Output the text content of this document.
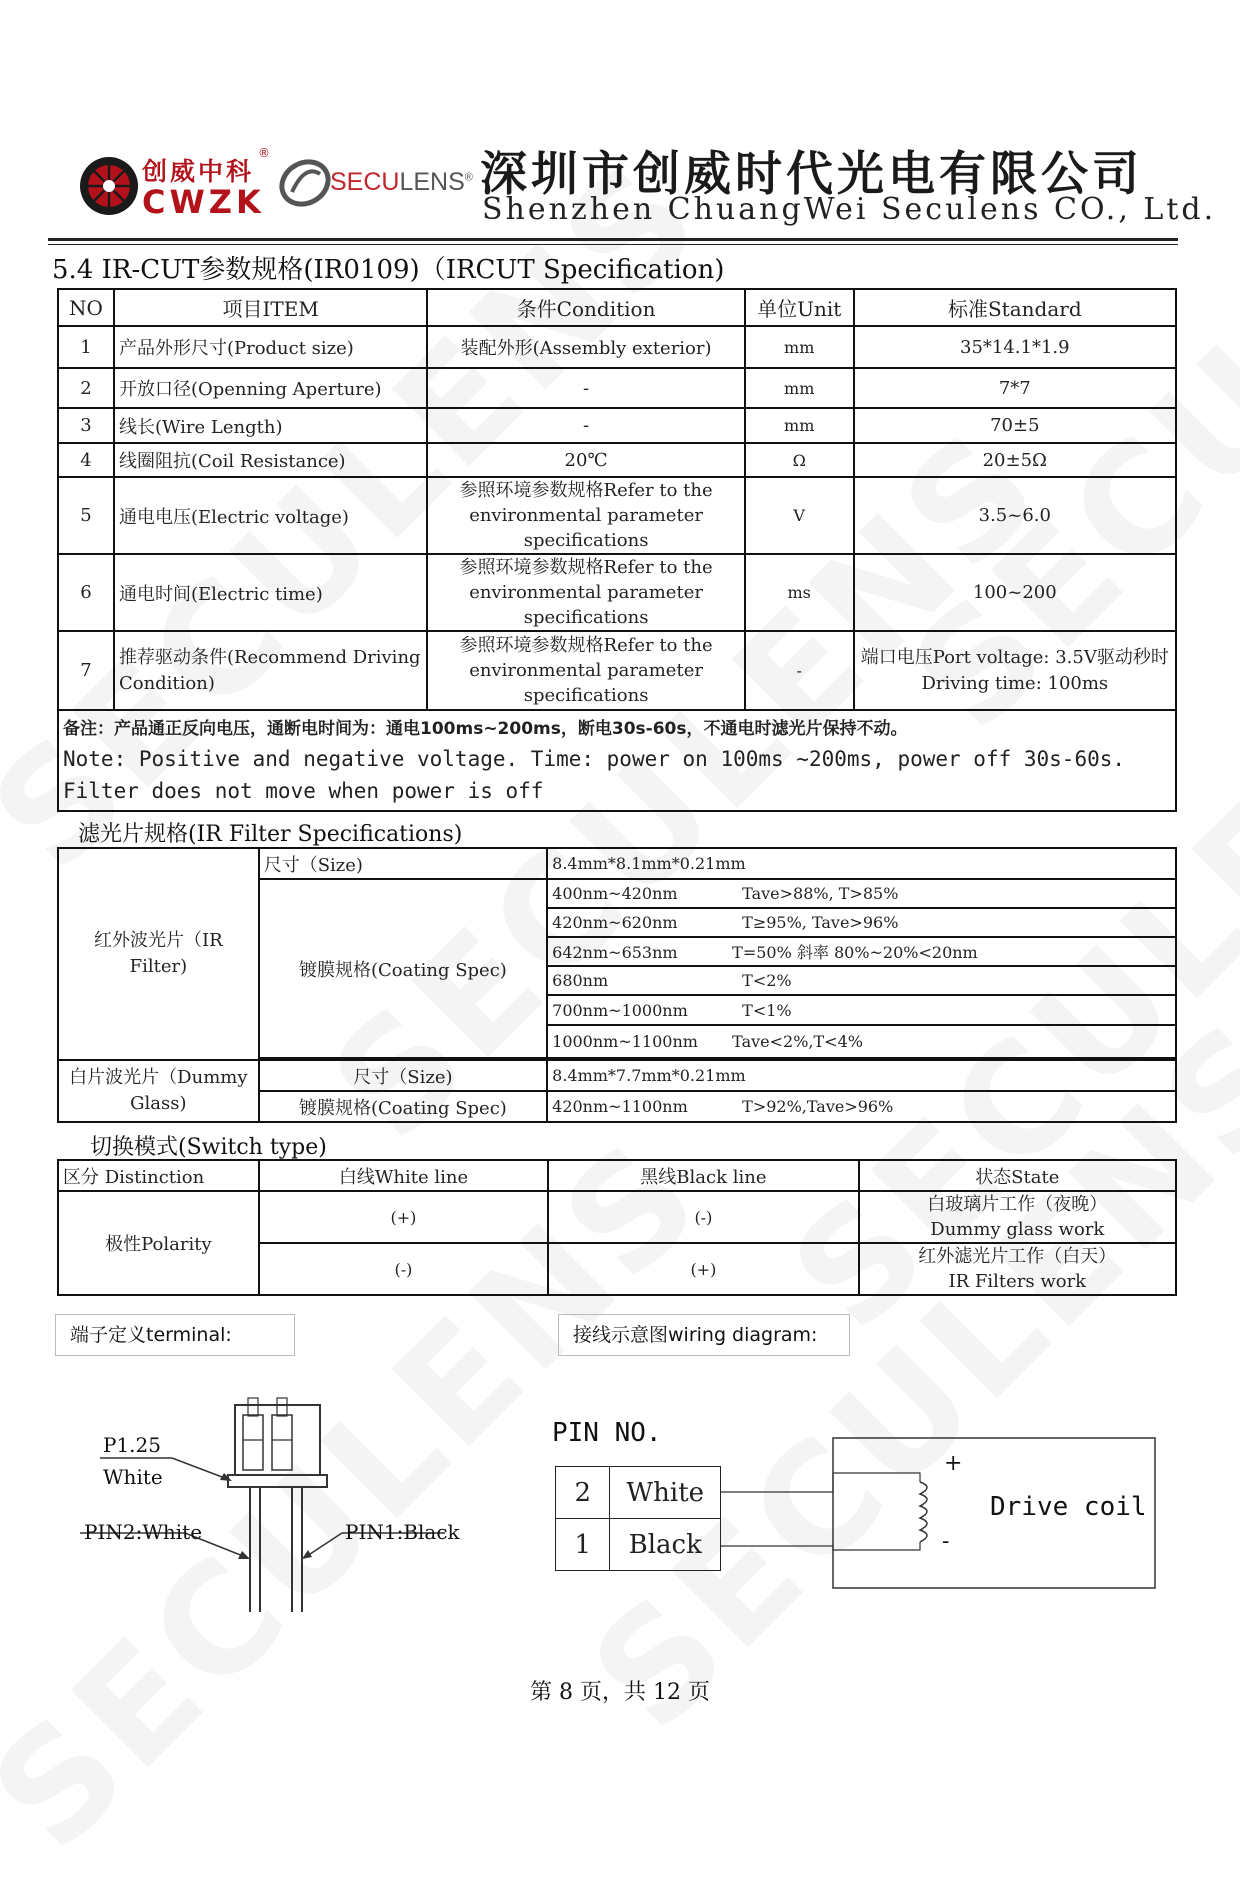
创威中科
®
CWZK
SECULENS® 深圳市创威时代光电有限公司
Shenzhen ChuangWei Seculens CO., Ltd.
5.4 IR-CUT参数规格(IR0109)（IRCUT Specification)
NO	项目ITEM	条件Condition	单位Unit	标准Standard
1	产品外形尺寸(Product size)	装配外形(Assembly exterior)	mm	35*14.1*1.9
2	开放口径(Openning Aperture)	-	mm	7*7
3	线长(Wire Length)	-	mm	70±5
4	线圈阻抗(Coil Resistance)	20℃	Ω	20±5Ω
5	通电电压(Electric voltage)	参照环境参数规格Refer to the environmental parameter specifications	V	3.5~6.0
6	通电时间(Electric time)	参照环境参数规格Refer to the environmental parameter specifications	ms	100~200
7	推荐驱动条件(Recommend Driving Condition)	参照环境参数规格Refer to the environmental parameter specifications	-	端口电压Port voltage: 3.5V驱动秒时Driving time: 100ms

备注：产品通正反向电压，通断电时间为：通电100ms~200ms，断电30s-60s，不通电时滤光片保持不动。
Note: Positive and negative voltage. Time: power on 100ms ~200ms, power off 30s-60s.
Filter does not move when power is off				
滤光片规格(IR Filter Specifications)
红外波光片（IR Filter)	尺寸（Size)	8.4mm*8.1mm*0.21mm
	镀膜规格(Coating Spec)	400nm~420nm Tave>88%, T>85%
		420nm~620nm T≥95%, Tave>96%
		642nm~653nm T=50% 斜率 80%~20%<20nm
		680nm T<2%
		700nm~1000nm T<1%
		1000nm~1100nm Tave<2%,T<4%

白片波光片（Dummy Glass)	尺寸（Size)	8.4mm*7.7mm*0.21mm
	镀膜规格(Coating Spec)	420nm~1100nm T>92%,Tave>96%
切换模式(Switch type)
区分 Distinction	白线White line	黑线Black line	状态State
极性Polarity	(+)	(-)	白玻璃片工作（夜晚）
Dummy glass work

	(-)	(+)	红外滤光片工作（白天）
IR Filters work
端子定义terminal:	接线示意图wiring diagram:
P1.25
White
PIN2:White	PIN1:Black
PIN NO.
2	White
1	Black
+
-
Drive coil
第 8 页，共 12 页
